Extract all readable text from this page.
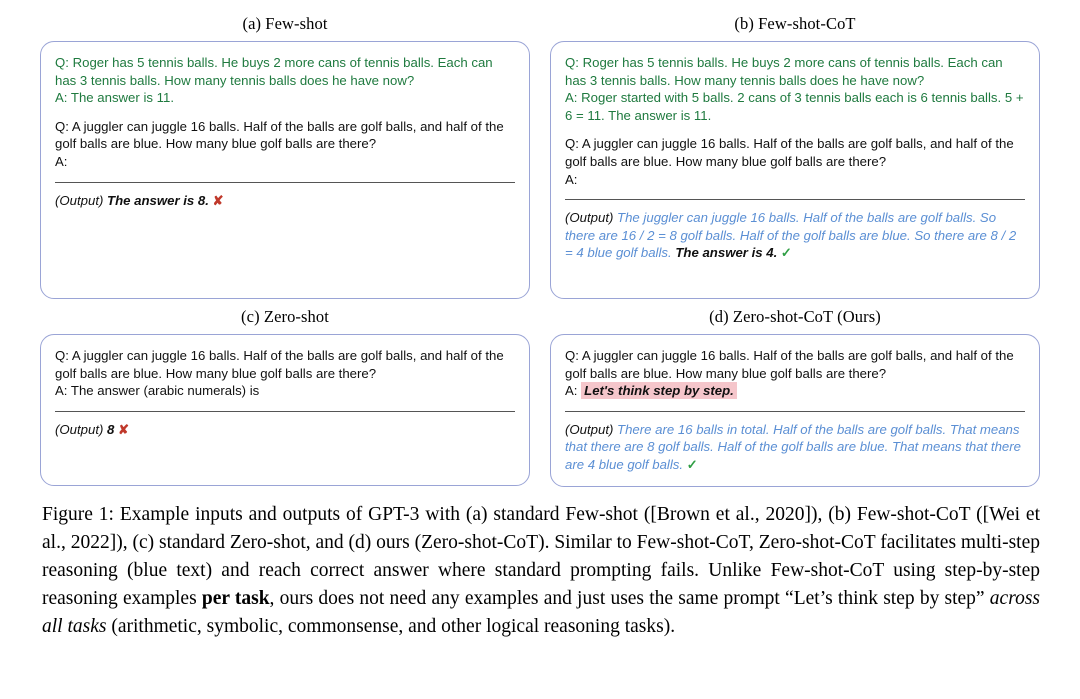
(a) Few-shot

Q: Roger has 5 tennis balls. He buys 2 more cans of tennis balls. Each can has 3 tennis balls. How many tennis balls does he have now?

A: The answer is 11.

Q: A juggler can juggle 16 balls. Half of the balls are golf balls, and half of the golf balls are blue. How many blue golf balls are there?

A:

(Output) The answer is 8. ✘

(b) Few-shot-CoT

Q: Roger has 5 tennis balls. He buys 2 more cans of tennis balls. Each can has 3 tennis balls. How many tennis balls does he have now?

A: Roger started with 5 balls. 2 cans of 3 tennis balls each is 6 tennis balls. 5 + 6 = 11. The answer is 11.

Q: A juggler can juggle 16 balls. Half of the balls are golf balls, and half of the golf balls are blue. How many blue golf balls are there?

A:

(Output) The juggler can juggle 16 balls. Half of the balls are golf balls. So there are 16 / 2 = 8 golf balls. Half of the golf balls are blue. So there are 8 / 2 = 4 blue golf balls. The answer is 4. ✓

(c) Zero-shot

Q: A juggler can juggle 16 balls. Half of the balls are golf balls, and half of the golf balls are blue. How many blue golf balls are there?

A: The answer (arabic numerals) is

(Output) 8 ✘

(d) Zero-shot-CoT (Ours)

Q: A juggler can juggle 16 balls. Half of the balls are golf balls, and half of the golf balls are blue. How many blue golf balls are there?

A: Let's think step by step.

(Output) There are 16 balls in total. Half of the balls are golf balls. That means that there are 8 golf balls. Half of the golf balls are blue. That means that there are 4 blue golf balls. ✓

Figure 1: Example inputs and outputs of GPT-3 with (a) standard Few-shot ([Brown et al., 2020]), (b) Few-shot-CoT ([Wei et al., 2022]), (c) standard Zero-shot, and (d) ours (Zero-shot-CoT). Similar to Few-shot-CoT, Zero-shot-CoT facilitates multi-step reasoning (blue text) and reach correct answer where standard prompting fails. Unlike Few-shot-CoT using step-by-step reasoning examples per task, ours does not need any examples and just uses the same prompt “Let’s think step by step” across all tasks (arithmetic, symbolic, commonsense, and other logical reasoning tasks).
